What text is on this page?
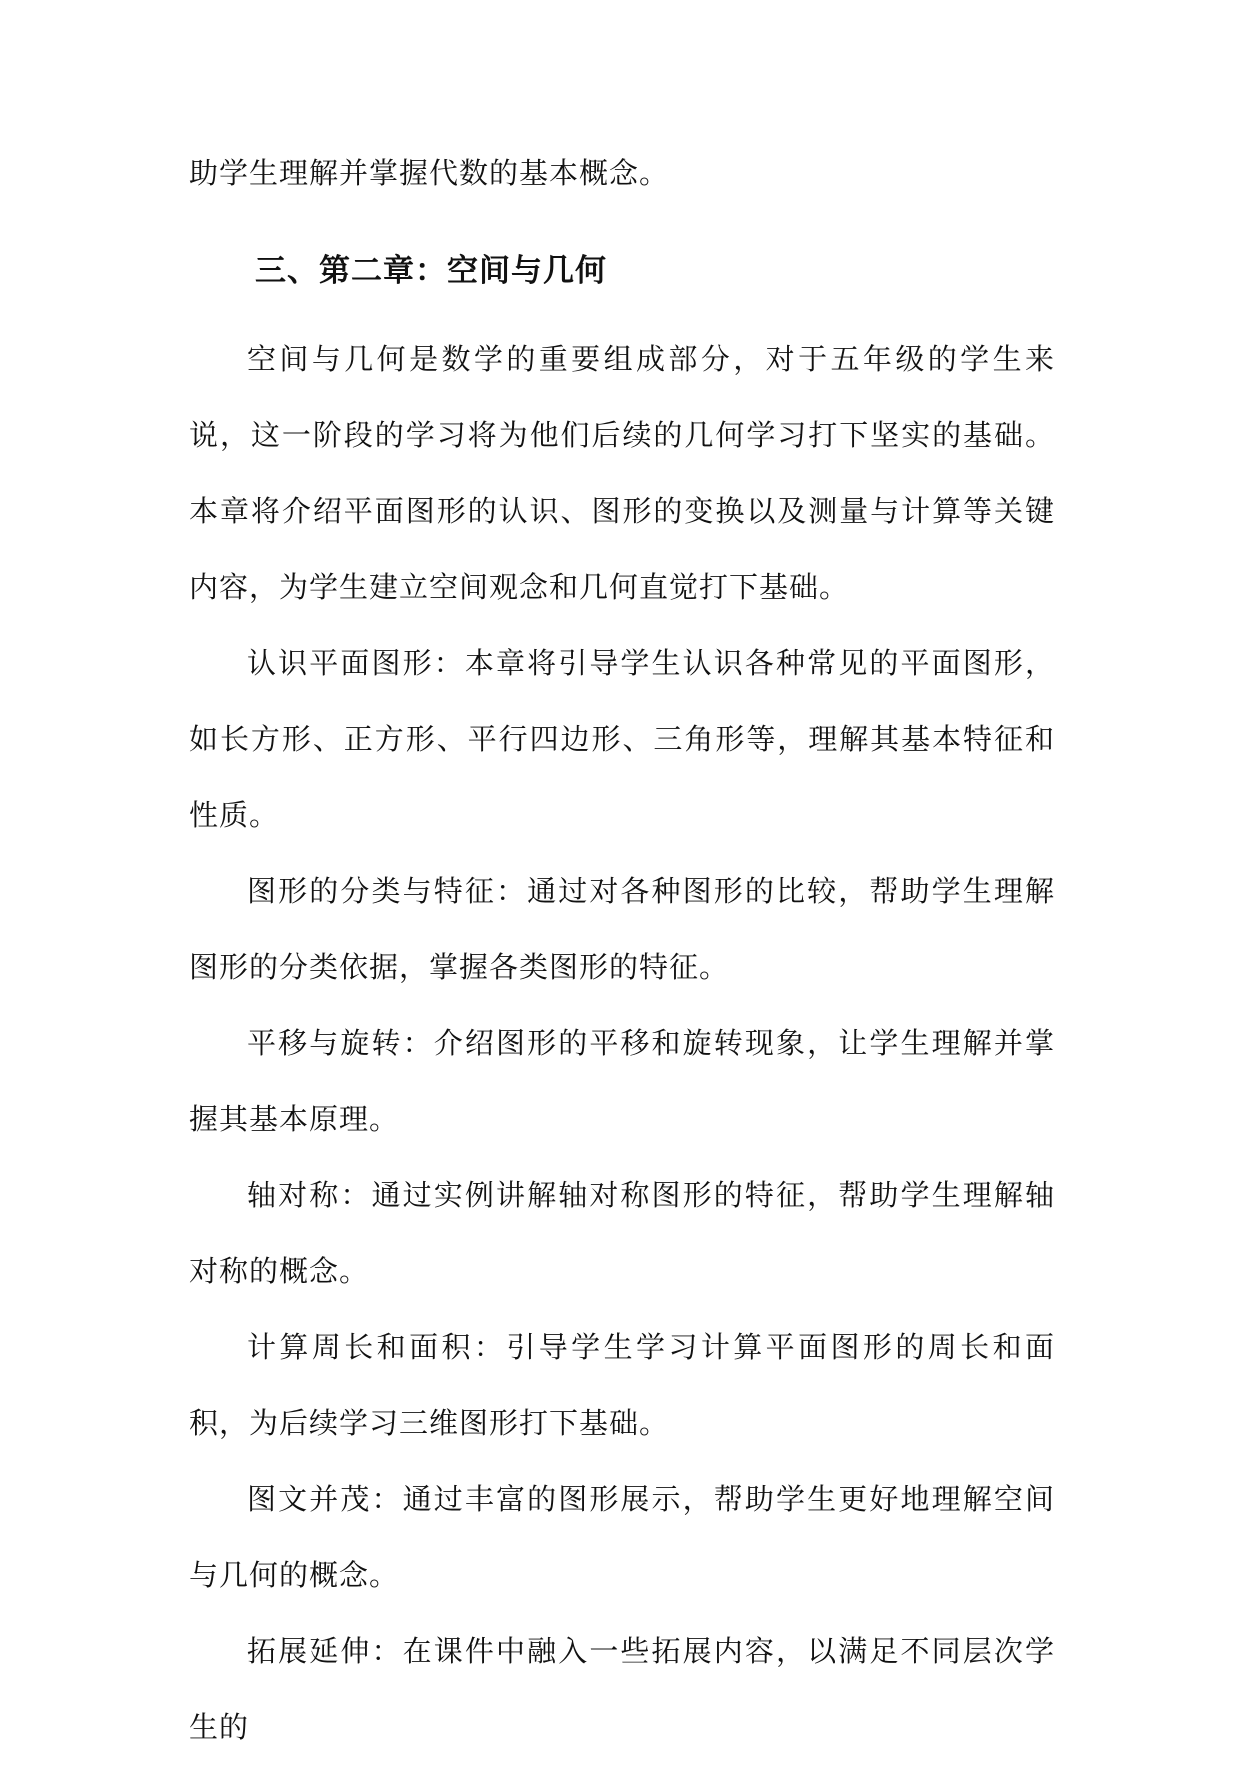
助学生理解并掌握代数的基本概念。

三、第二章：空间与几何

空间与几何是数学的重要组成部分，对于五年级的学生来说，这一阶段的学习将为他们后续的几何学习打下坚实的基础。本章将介绍平面图形的认识、图形的变换以及测量与计算等关键内容，为学生建立空间观念和几何直觉打下基础。

认识平面图形：本章将引导学生认识各种常见的平面图形，如长方形、正方形、平行四边形、三角形等，理解其基本特征和性质。

图形的分类与特征：通过对各种图形的比较，帮助学生理解图形的分类依据，掌握各类图形的特征。

平移与旋转：介绍图形的平移和旋转现象，让学生理解并掌握其基本原理。

轴对称：通过实例讲解轴对称图形的特征，帮助学生理解轴对称的概念。

计算周长和面积：引导学生学习计算平面图形的周长和面积，为后续学习三维图形打下基础。

图文并茂：通过丰富的图形展示，帮助学生更好地理解空间与几何的概念。

拓展延伸：在课件中融入一些拓展内容，以满足不同层次学生的
